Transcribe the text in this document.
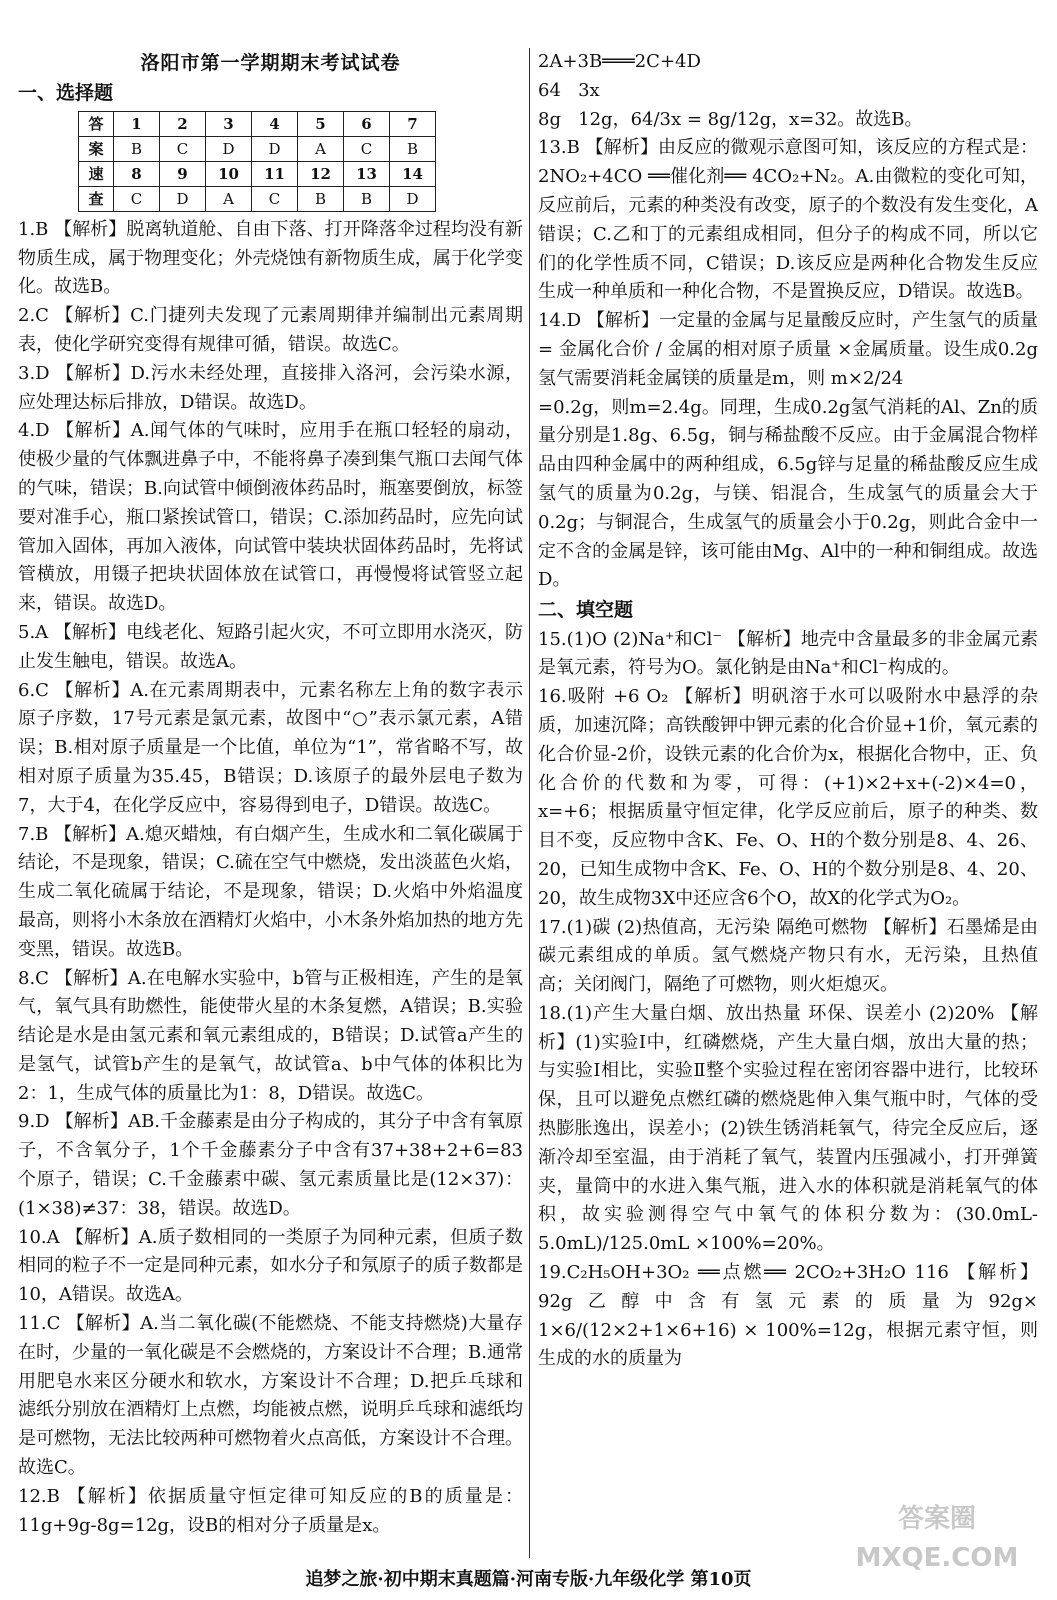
洛阳市第一学期期末考试试卷

一、选择题

答	1	2	3	4	5	6	7
案	B	C	D	D	A	C	B
速	8	9	10	11	12	13	14
查	C	D	A	C	B	B	D

1.B 【解析】脱离轨道舱、自由下落、打开降落伞过程均没有新物质生成，属于物理变化；外壳烧蚀有新物质生成，属于化学变化。故选B。

2.C 【解析】C.门捷列夫发现了元素周期律并编制出元素周期表，使化学研究变得有规律可循，错误。故选C。

3.D 【解析】D.污水未经处理，直接排入洛河，会污染水源，应处理达标后排放，D错误。故选D。

4.D 【解析】A.闻气体的气味时，应用手在瓶口轻轻的扇动，使极少量的气体飘进鼻子中，不能将鼻子凑到集气瓶口去闻气体的气味，错误；B.向试管中倾倒液体药品时，瓶塞要倒放，标签要对准手心，瓶口紧挨试管口，错误；C.添加药品时，应先向试管加入固体，再加入液体，向试管中装块状固体药品时，先将试管横放，用镊子把块状固体放在试管口，再慢慢将试管竖立起来，错误。故选D。

5.A 【解析】电线老化、短路引起火灾，不可立即用水浇灭，防止发生触电，错误。故选A。

6.C 【解析】A.在元素周期表中，元素名称左上角的数字表示原子序数，17号元素是氯元素，故图中“○”表示氯元素，A错误；B.相对原子质量是一个比值，单位为“1”，常省略不写，故相对原子质量为35.45，B错误；D.该原子的最外层电子数为7，大于4，在化学反应中，容易得到电子，D错误。故选C。

7.B 【解析】A.熄灭蜡烛，有白烟产生，生成水和二氧化碳属于结论，不是现象，错误；C.硫在空气中燃烧，发出淡蓝色火焰，生成二氧化硫属于结论，不是现象，错误；D.火焰中外焰温度最高，则将小木条放在酒精灯火焰中，小木条外焰加热的地方先变黑，错误。故选B。

8.C 【解析】A.在电解水实验中，b管与正极相连，产生的是氧气，氧气具有助燃性，能使带火星的木条复燃，A错误；B.实验结论是水是由氢元素和氧元素组成的，B错误；D.试管a产生的是氢气，试管b产生的是氧气，故试管a、b中气体的体积比为2：1，生成气体的质量比为1：8，D错误。故选C。

9.D 【解析】AB.千金藤素是由分子构成的，其分子中含有氧原子，不含氧分子，1个千金藤素分子中含有37+38+2+6=83个原子，错误；C.千金藤素中碳、氢元素质量比是(12×37)：(1×38)≠37：38，错误。故选D。

10.A 【解析】A.质子数相同的一类原子为同种元素，但质子数相同的粒子不一定是同种元素，如水分子和氖原子的质子数都是10，A错误。故选A。

11.C 【解析】A.当二氧化碳(不能燃烧、不能支持燃烧)大量存在时，少量的一氧化碳是不会燃烧的，方案设计不合理；B.通常用肥皂水来区分硬水和软水，方案设计不合理；D.把乒乓球和滤纸分别放在酒精灯上点燃，均能被点燃，说明乒乓球和滤纸均是可燃物，无法比较两种可燃物着火点高低，方案设计不合理。故选C。

12.B 【解析】依据质量守恒定律可知反应的B的质量是：11g+9g-8g=12g，设B的相对分子质量是x。

2A+3B═══2C+4D

64   3x

8g   12g，64/3x = 8g/12g，x=32。故选B。

13.B 【解析】由反应的微观示意图可知，该反应的方程式是：2NO₂+4CO ══催化剂══ 4CO₂+N₂。A.由微粒的变化可知，反应前后，元素的种类没有改变，原子的个数没有发生变化，A错误；C.乙和丁的元素组成相同，但分子的构成不同，所以它们的化学性质不同，C错误；D.该反应是两种化合物发生反应生成一种单质和一种化合物，不是置换反应，D错误。故选B。

14.D 【解析】一定量的金属与足量酸反应时，产生氢气的质量 = 金属化合价 / 金属的相对原子质量 ×金属质量。设生成0.2g氢气需要消耗金属镁的质量是m，则 m×2/24

=0.2g，则m=2.4g。同理，生成0.2g氢气消耗的Al、Zn的质量分别是1.8g、6.5g，铜与稀盐酸不反应。由于金属混合物样品由四种金属中的两种组成，6.5g锌与足量的稀盐酸反应生成氢气的质量为0.2g，与镁、铝混合，生成氢气的质量会大于0.2g；与铜混合，生成氢气的质量会小于0.2g，则此合金中一定不含的金属是锌，该可能由Mg、Al中的一种和铜组成。故选D。

二、填空题

15.(1)O (2)Na⁺和Cl⁻ 【解析】地壳中含量最多的非金属元素是氧元素，符号为O。氯化钠是由Na⁺和Cl⁻构成的。

16.吸附 +6 O₂ 【解析】明矾溶于水可以吸附水中悬浮的杂质，加速沉降；高铁酸钾中钾元素的化合价显+1价，氧元素的化合价显-2价，设铁元素的化合价为x，根据化合物中，正、负化合价的代数和为零，可得：(+1)×2+x+(-2)×4=0，x=+6；根据质量守恒定律，化学反应前后，原子的种类、数目不变，反应物中含K、Fe、O、H的个数分别是8、4、26、20，已知生成物中含K、Fe、O、H的个数分别是8、4、20、20，故生成物3X中还应含6个O，故X的化学式为O₂。

17.(1)碳 (2)热值高，无污染 隔绝可燃物 【解析】石墨烯是由碳元素组成的单质。氢气燃烧产物只有水，无污染，且热值高；关闭阀门，隔绝了可燃物，则火炬熄灭。

18.(1)产生大量白烟、放出热量 环保、误差小 (2)20% 【解析】(1)实验Ⅰ中，红磷燃烧，产生大量白烟，放出大量的热；与实验Ⅰ相比，实验Ⅱ整个实验过程在密闭容器中进行，比较环保，且可以避免点燃红磷的燃烧匙伸入集气瓶中时，气体的受热膨胀逸出，误差小；(2)铁生锈消耗氧气，待完全反应后，逐渐冷却至室温，由于消耗了氧气，装置内压强减小，打开弹簧夹，量筒中的水进入集气瓶，进入水的体积就是消耗氧气的体积，故实验测得空气中氧气的体积分数为：(30.0mL-5.0mL)/125.0mL ×100%=20%。

19.C₂H₅OH+3O₂ ══点燃══ 2CO₂+3H₂O 116 【解析】92g乙醇中含有氢元素的质量为92g× 1×6/(12×2+1×6+16) × 100%=12g，根据元素守恒，则生成的水的质量为

答案圈 MXQE.COM
追梦之旅·初中期末真题篇·河南专版·九年级化学 第10页
